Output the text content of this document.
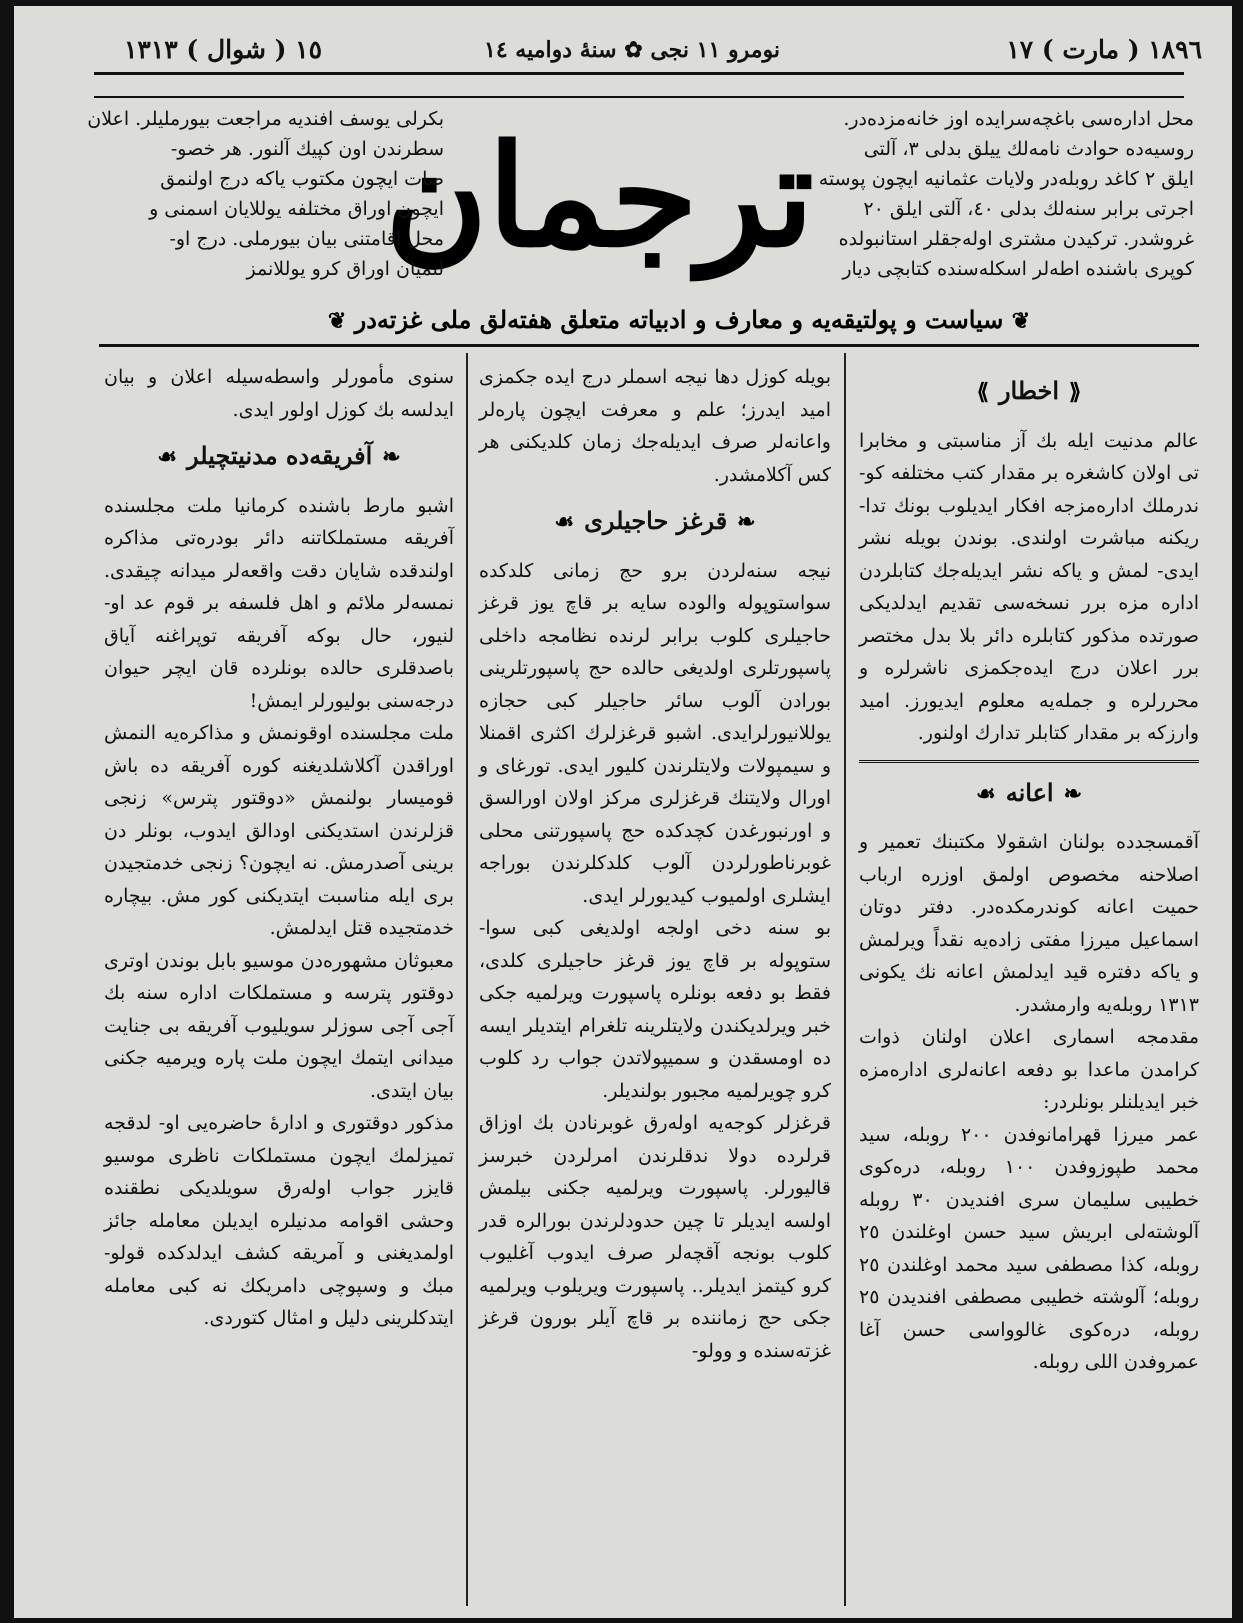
١٨٩٦ ( مارت ) ١٧
نومرو ١١ نجی ✿ سنۀ دوامیه ١٤
١٥ ( شوال ) ١٣١٣

محل اداره‌سی باغچه‌سرایده اوز خانه‌مزده‌در.

روسیه‌ده حوادث نامه‌لك ییلق بدلی ٣، آلتی

ایلق ٢ کاغد روبله‌در ولایات عثمانیه ایچون پوسته

اجرتی برابر سنه‌لك بدلی ٤٠، آلتی ایلق ٢٠

غروشدر. ترکیدن مشتری اوله‌جقلر استانبولده

کوپری باشنده اطه‌لر اسکله‌سنده کتابچی دیار

ترجمان

بکرلی یوسف افندیه مراجعت بیورملیلر. اعلان

سطرندن اون کپیك آلنور. هر خصو-

صات ایچون مکتوب یاکه درج اولنمق

ایچون اوراق مختلفه یوللایان اسمنی و

محل اقامتنی بیان بیورملی. درج او-

لنمیان اوراق کرو یوللانمز

❦ سیاست و پولتیقه‌یه و معارف و ادبیاته متعلق هفته‌لق ملی غزته‌در ❦
⟪اخطار⟫

عالم مدنیت ایله بك آز مناسبتی و مخابرا تی اولان کاشغره بر مقدار کتب مختلفه کو- ندرملك اداره‌مزجه افکار ایدیلوب بونك تدا- ریکنه مباشرت اولندی. بوندن بویله نشر ایدی- لمش و یاکه نشر ایدیله‌جك کتابلردن اداره‌ مزه برر نسخه‌سی تقدیم ایدلدیکی صورتده مذکور کتابلره دائر بلا بدل مختصر برر اعلان درج ایده‌جکمزی ناشرلره و محررلره و جمله‌یه معلوم ایدیورز. امید وارزکه بر مقدار کتابلر تدارك اولنور.

❧اعانه☙

آقمسجدده بولنان اشقولا مکتبنك تعمیر و اصلاحنه مخصوص اولمق اوزره ارباب حمیت اعانه کوندرمکده‌در. دفتر دوتان اسماعیل میرزا مفتی زاده‌یه نقداً ویرلمش و یاکه دفتره قید ایدلمش اعانه نك یکونی ١٣١٣ روبله‌یه وارمشدر.

مقدمجه اسماری اعلان اولنان ذوات کرامدن ماعدا بو دفعه اعانه‌لری اداره‌مزه خبر ایدیلنلر بونلردر:

عمر میرزا قهرامانوفدن ٢٠٠ روبله، سید محمد طپوزوفدن ١٠٠ روبله، دره‌کوی خطیبی سلیمان سری افندیدن ٣٠ روبله آلوشته‌لی ابریش سید حسن اوغلندن ٢٥ روبله، کذا مصطفی سید محمد اوغلندن ٢٥ روبله؛ آلوشته خطیبی مصطفی افندیدن ٢٥ روبله، دره‌کوی غالوواسی حسن آغا عمروفدن اللی روبله.

بویله کوزل دها نیجه اسملر درج ایده جکمزی امید ایدرز؛ علم و معرفت ایچون پاره‌لر واعانه‌لر صرف ایدیله‌جك زمان کلدیکنی هر کس آکلامشدر.

❧قرغز حاجیلری☙

نیجه سنه‌لردن برو حج زمانی کلدکده سواستوپوله والوده سایه بر قاچ یوز قرغز حاجیلری کلوب برابر لرنده نظامجه داخلی پاسپورتلری اولدیغی حالده حج پاسپورتلرینی بورادن آلوب سائر حاجیلر کبی حجازه یوللانیورلرایدی. اشبو قرغزلرك اکثری اقمنلا و سیمپولات ولایتلرندن کلیور ایدی. تورغای و اورال ولایتنك قرغزلری مرکز اولان اورالسق و اورنبورغدن کچدکده حج پاسپورتنی محلی غوبرناطورلردن آلوب کلدکلرندن بوراجه ایشلری اولمیوب کیدیورلر ایدی.

بو سنه دخی اولجه اولدیغی کبی سوا- ستوپوله بر قاچ یوز قرغز حاجیلری کلدی، فقط بو دفعه بونلره پاسپورت ویرلمیه جکی خبر ویرلدیکندن ولایتلرینه تلغرام ایتدیلر ایسه ده اومسقدن و سمیپولاتدن جواب رد کلوب کرو چویرلمیه مجبور بولندیلر.

قرغزلر کوجه‌یه اوله‌رق غوبرنادن بك اوزاق قرلرده دولا ندقلرندن امرلردن خبرسز قالیورلر. پاسپورت ویرلمیه جکنی بیلمش اولسه ایدیلر تا چین حدودلرندن بورالره قدر کلوب بونجه آقچه‌لر صرف ایدوب آغلیوب کرو کیتمز ایدیلر.. پاسپورت ویریلوب ویرلمیه جکی حج زماننده بر قاچ آیلر بورون قرغز غزته‌سنده و وولو-

سنوی مأمورلر واسطه‌سیله اعلان و بیان ایدلسه بك کوزل اولور ایدی.

❧آفریقه‌ده مدنیتچیلر☙

اشبو مارط باشنده کرمانیا ملت مجلسنده آفریقه مستملکاتنه دائر بودره‌تی مذاکره اولندقده شایان دقت واقعه‌لر میدانه چیقدی. نمسه‌لر ملائم و اهل فلسفه بر قوم عد او- لنیور، حال بوکه آفریقه توپراغنه آیاق باصدقلری حالده بونلرده قان ایچر حیوان درجه‌سنی بولیورلر ایمش!

ملت مجلسنده اوقونمش و مذاکره‌یه النمش اوراقدن آکلاشلدیغنه کوره آفریقه ده باش قومیسار بولنمش «دوقتور پترس» زنجی قزلرندن استدیکنی اودالق ایدوب، بونلر دن برینی آصدرمش. نه ایچون؟ زنجی خدمتجیدن بری ایله مناسبت ایتدیکنی کور مش. بیچاره خدمتجیده قتل ایدلمش.

معبوثان مشهوره‌دن موسیو بابل بوندن اوتری دوقتور پترسه و مستملکات اداره سنه بك آجی آجی سوزلر سویلیوب آفریقه بی جنایت میدانی ایتمك ایچون ملت پاره ویرمیه جکنی بیان ایتدی.

مذکور دوقتوری و ادارۀ حاضره‌یی او- لدقجه تمیزلمك ایچون مستملکات ناظری موسیو قایزر جواب اوله‌رق سویلدیکی نطقنده وحشی اقوامه مدنیلره ایدیلن معامله جائز اولمدیغنی و آمریقه کشف ایدلدکده قولو- مبك و وسپوچی دامریکك نه کبی معامله ایتدکلرینی دلیل و امثال کتوردی.
